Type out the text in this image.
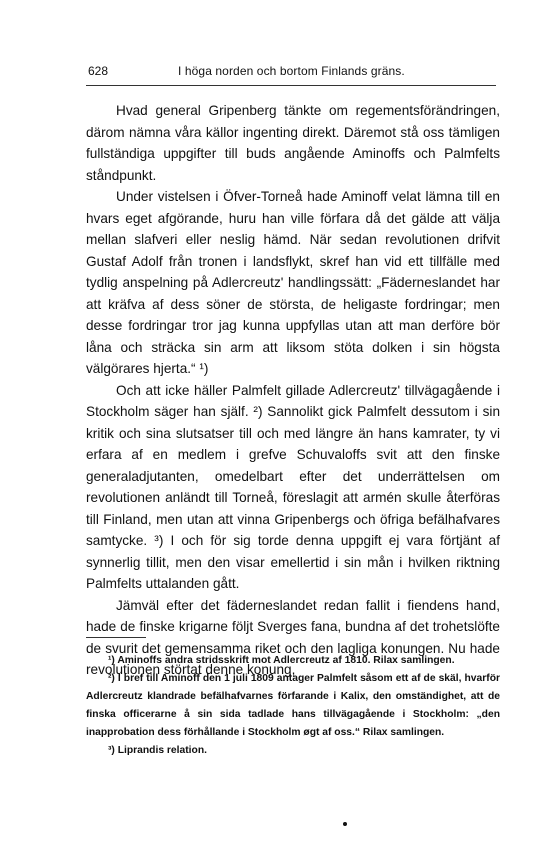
628	I höga norden och bortom Finlands gräns.

Hvad general Gripenberg tänkte om regementsförändringen, därom nämna våra källor ingenting direkt. Däremot stå oss tämligen fullständiga uppgifter till buds angående Aminoffs och Palmfelts ståndpunkt.

Under vistelsen i Öfver-Torneå hade Aminoff velat lämna till en hvars eget afgörande, huru han ville förfara då det gälde att välja mellan slafveri eller neslig hämd. När sedan revolutionen drifvit Gustaf Adolf från tronen i landsflykt, skref han vid ett tillfälle med tydlig anspelning på Adlercreutz' handlingssätt: „Fäderneslandet har att kräfva af dess söner de största, de heligaste fordringar; men desse fordringar tror jag kunna uppfyllas utan att man derföre bör låna och sträcka sin arm att liksom stöta dolken i sin högsta välgörares hjerta.“ ¹)

Och att icke häller Palmfelt gillade Adlercreutz' tillvägagående i Stockholm säger han själf. ²) Sannolikt gick Palmfelt dessutom i sin kritik och sina slutsatser till och med längre än hans kamrater, ty vi erfara af en medlem i grefve Schuvaloffs svit att den finske generaladjutanten, omedelbart efter det underrättelsen om revolutionen anländt till Torneå, föreslagit att armén skulle återföras till Finland, men utan att vinna Gripenbergs och öfriga befälhafvares samtycke. ³) I och för sig torde denna uppgift ej vara förtjänt af synnerlig tillit, men den visar emellertid i sin mån i hvilken riktning Palmfelts uttalanden gått.

Jämväl efter det fäderneslandet redan fallit i fiendens hand, hade de finske krigarne följt Sverges fana, bundna af det trohetslöfte de svurit det gemensamma riket och den lagliga konungen. Nu hade revolutionen störtat denne konung,

¹) Aminoffs andra stridsskrift mot Adlercreutz af 1810. Rilax samlingen.

²) I bref till Aminoff den 1 juli 1809 antager Palmfelt såsom ett af de skäl, hvarför Adlercreutz klandrade befälhafvarnes förfarande i Kalix, den omständighet, att de finska officerarne å sin sida tadlade hans tillvägagående i Stockholm: „den inapprobation dess förhållande i Stockholm øgt af oss.“ Rilax samlingen.

³) Liprandis relation.
